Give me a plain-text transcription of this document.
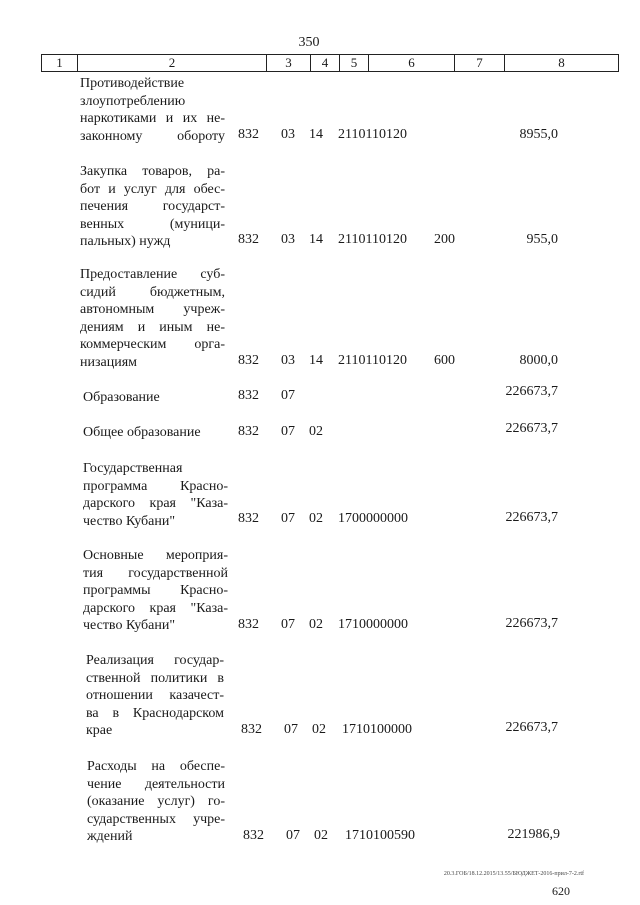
350
1	2	3	4	5	6	7	8
Противодействие
злоупотреблению
наркотиками и их не-
законному обороту 832 03 14 2110110120	8955,0
Закупка товаров, ра-
бот и услуг для обес-
печения государст-
венных (муници-
пальных) нужд	832 03 14 2110110120 200	955,0
Предоставление суб-
сидий бюджетным,
автономным учреж-
дениям и иным не-
коммерческим орга-
низациям	832 03 14 2110110120 600	8000,0
Образование	832 07	226673,7
Общее образование	832 07 02	226673,7
Государственная
программа Красно-
дарского края "Каза-
чество Кубани"	832 07 02 1700000000	226673,7
Основные мероприя-
тия государственной
программы Красно-
дарского края "Каза-
чество Кубани"	832 07 02 1710000000	226673,7
Реализация государ-
ственной политики в
отношении казачест-
ва в Краснодарском
крае	832 07 02 1710100000	226673,7
Расходы на обеспе-
чение деятельности
(оказание услуг) го-
сударственных учре-
ждений	832 07 02 1710100590	221986,9
20.3.ГОБ/18.12.2015/13.55/БЮДЖЕТ-2016-прил-7-2.rtf
620
